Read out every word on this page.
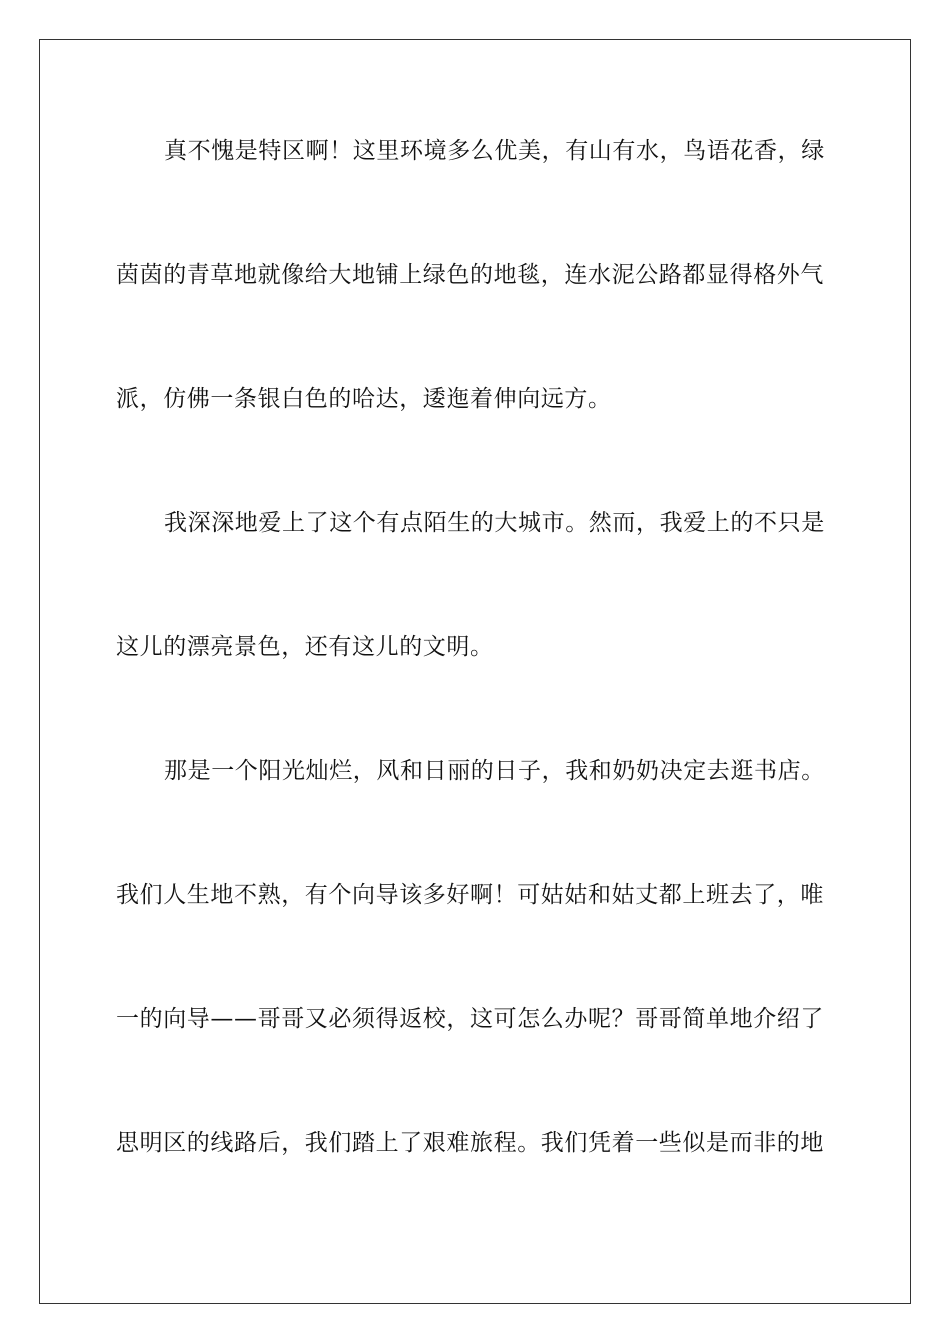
真不愧是特区啊！这里环境多么优美，有山有水，鸟语花香，绿
茵茵的青草地就像给大地铺上绿色的地毯，连水泥公路都显得格外气
派，仿佛一条银白色的哈达，逶迤着伸向远方。
我深深地爱上了这个有点陌生的大城市。然而，我爱上的不只是
这儿的漂亮景色，还有这儿的文明。
那是一个阳光灿烂，风和日丽的日子，我和奶奶决定去逛书店。
我们人生地不熟，有个向导该多好啊！可姑姑和姑丈都上班去了，唯
一的向导——哥哥又必须得返校，这可怎么办呢？哥哥简单地介绍了
思明区的线路后，我们踏上了艰难旅程。我们凭着一些似是而非的地
